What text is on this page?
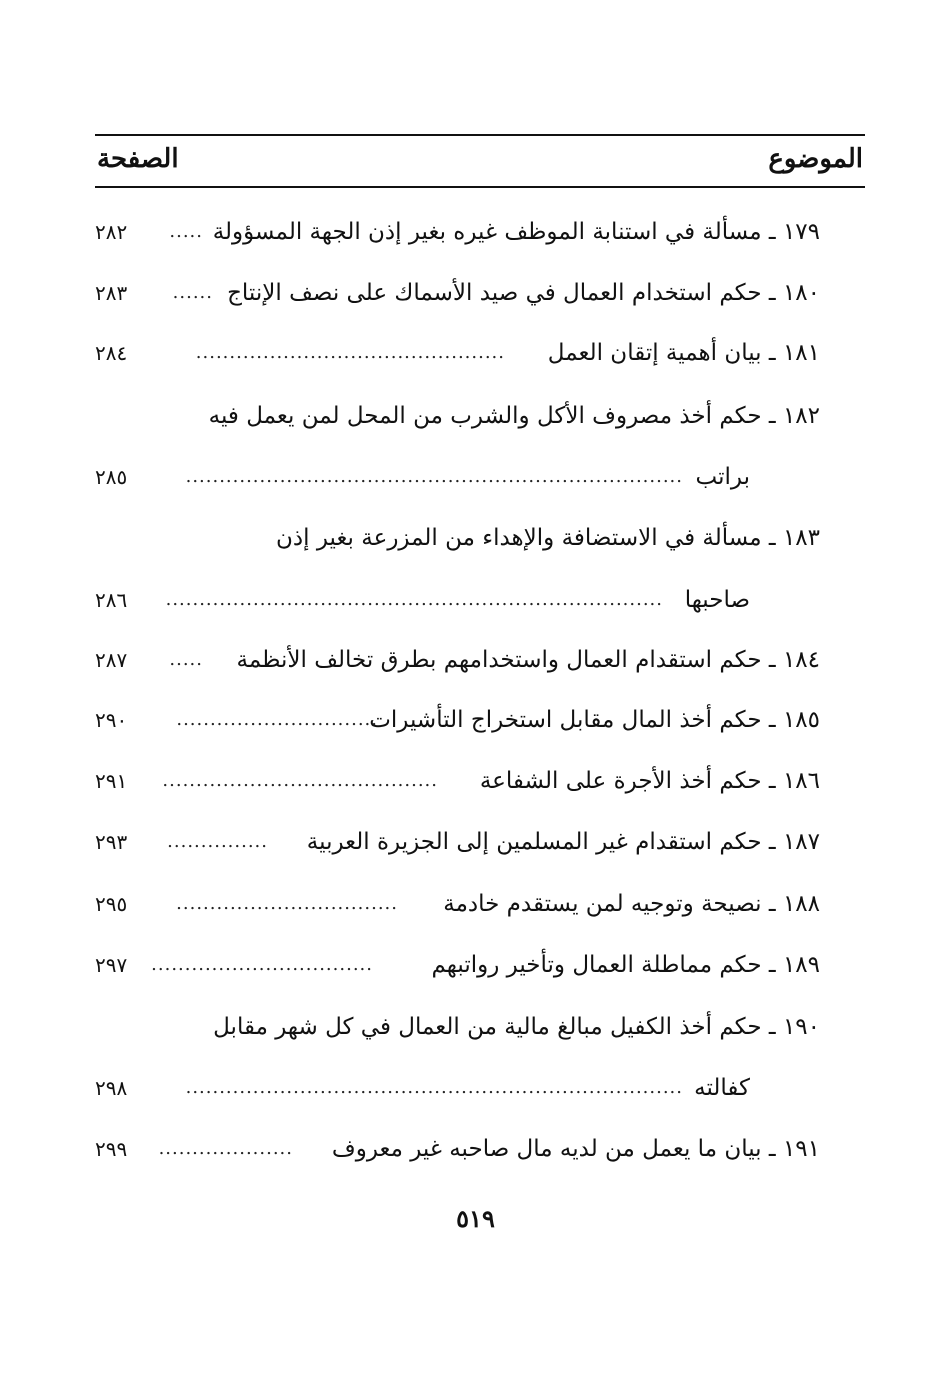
الموضوع
الصفحة
١٧٩ ـ مسألة في استنابة الموظف غيره بغير إذن الجهة المسؤولة
.....
٢٨٢
١٨٠ ـ حكم استخدام العمال في صيد الأسماك على نصف الإنتاج
......
٢٨٣
١٨١ ـ بيان أهمية إتقان العمل
..............................................
٢٨٤
١٨٢ ـ حكم أخذ مصروف الأكل والشرب من المحل لمن يعمل فيه
براتب
..........................................................................
٢٨٥
١٨٣ ـ مسألة في الاستضافة والإهداء من المزرعة بغير إذن
صاحبها
..........................................................................
٢٨٦
١٨٤ ـ حكم استقدام العمال واستخدامهم بطرق تخالف الأنظمة
.....
٢٨٧
١٨٥ ـ حكم أخذ المال مقابل استخراج التأشيرات
..............................
٢٩٠
١٨٦ ـ حكم أخذ الأجرة على الشفاعة
.........................................
٢٩١
١٨٧ ـ حكم استقدام غير المسلمين إلى الجزيرة العربية
...............
٢٩٣
١٨٨ ـ نصيحة وتوجيه لمن يستقدم خادمة
.................................
٢٩٥
١٨٩ ـ حكم مماطلة العمال وتأخير رواتبهم
.................................
٢٩٧
١٩٠ ـ حكم أخذ الكفيل مبالغ مالية من العمال في كل شهر مقابل
كفالته
..........................................................................
٢٩٨
١٩١ ـ بيان ما يعمل من لديه مال صاحبه غير معروف
....................
٢٩٩
٥١٩
